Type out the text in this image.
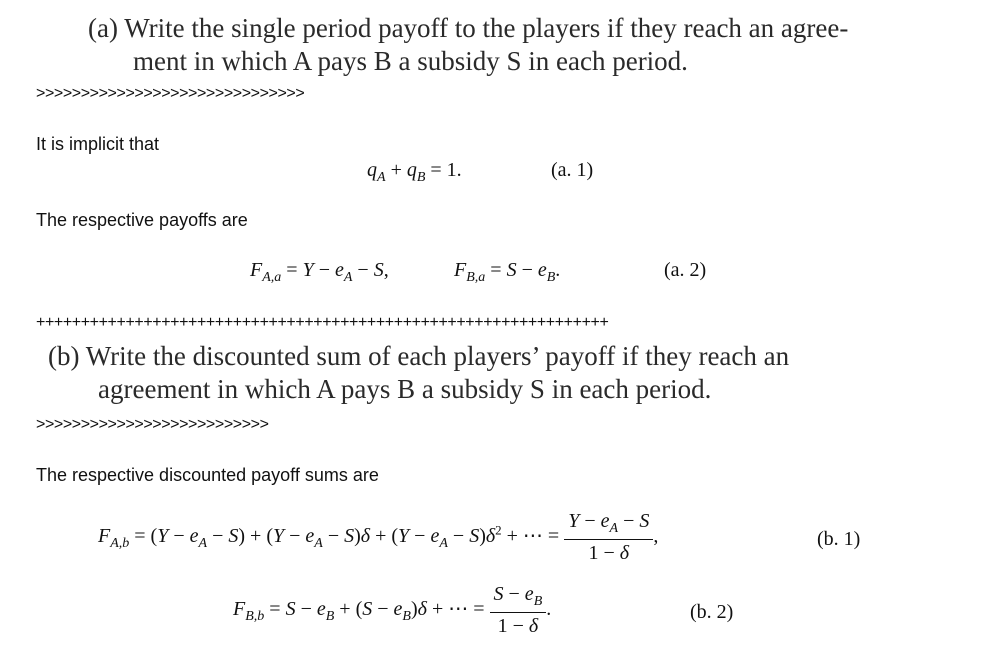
(a) Write the single period payoff to the players if they reach an agree-
ment in which A pays B a subsidy S in each period.
>>>>>>>>>>>>>>>>>>>>>>>>>>>>>>
It is implicit that
$q_A + q_B = 1$.	(a. 1)
The respective payoffs are
$F_{A,a} = Y - e_A - S$,	$F_{B,a} = S - e_B$.	(a. 2)
++++++++++++++++++++++++++++++++++++++++++++++++++++++++++++++++
(b) Write the discounted sum of each players’ payoff if they reach an
agreement in which A pays B a subsidy S in each period.
>>>>>>>>>>>>>>>>>>>>>>>>>>
The respective discounted payoff sums are
$F_{A,b} = (Y - e_A - S) + (Y - e_A - S)\delta + (Y - e_A - S)\delta^2$ + ⋯ = $\frac{Y - e_A - S}{1 - \delta}$ ,	(b. 1)
$F_{B,b} = S - e_B + (S - e_B)\delta$ + ⋯ = $\frac{S - e_B}{1 - \delta}$ .	(b. 2)
